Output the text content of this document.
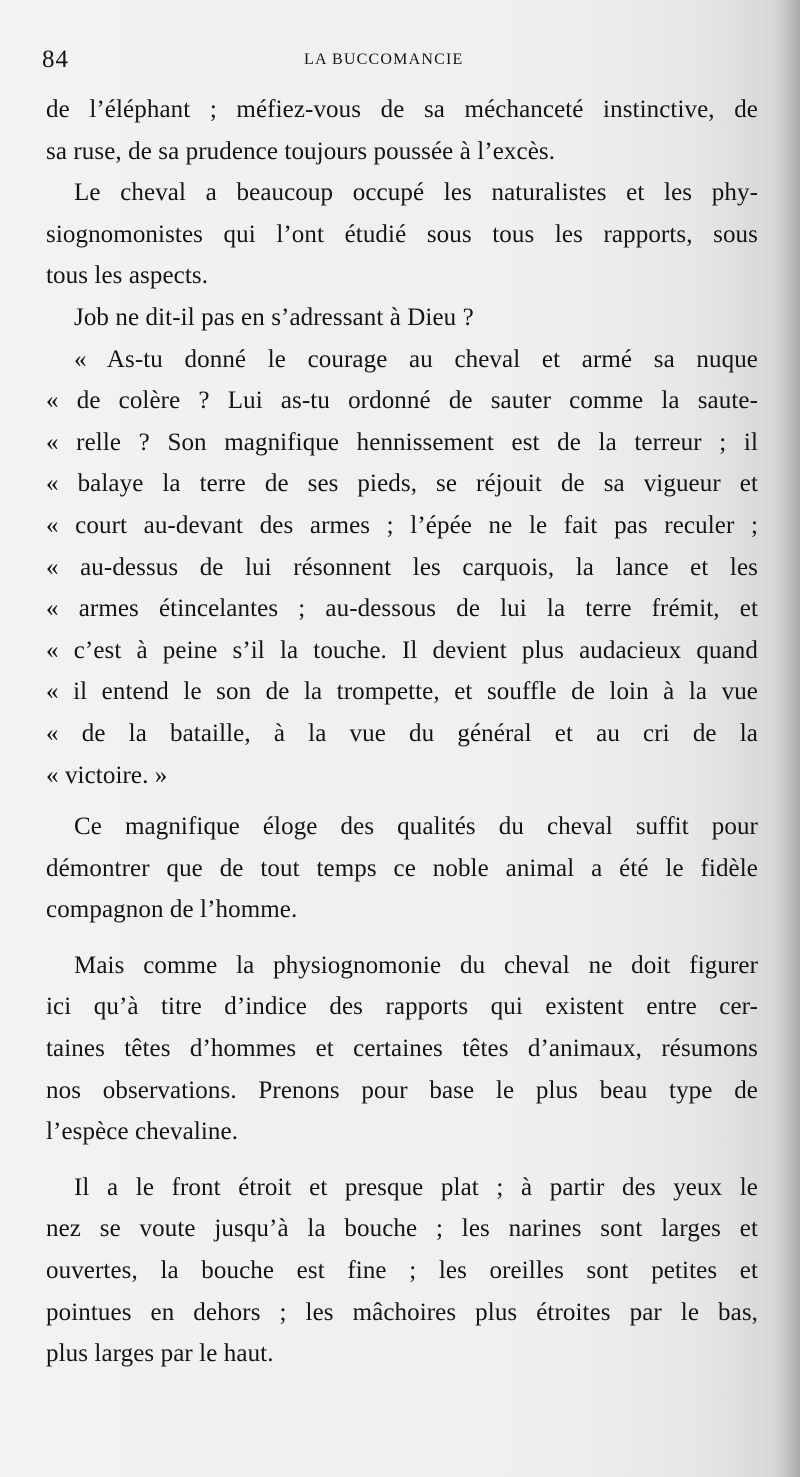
84	LA BUCCOMANCIE
de l’éléphant ; méfiez-vous de sa méchanceté instinctive, de
sa ruse, de sa prudence toujours poussée à l’excès.
Le cheval a beaucoup occupé les naturalistes et les phy-
siognomonistes qui l’ont étudié sous tous les rapports, sous
tous les aspects.
Job ne dit-il pas en s’adressant à Dieu ?
« As-tu donné le courage au cheval et armé sa nuque
« de colère ? Lui as-tu ordonné de sauter comme la saute-
« relle ? Son magnifique hennissement est de la terreur ; il
« balaye la terre de ses pieds, se réjouit de sa vigueur et
« court au-devant des armes ; l’épée ne le fait pas reculer ;
« au-dessus de lui résonnent les carquois, la lance et les
« armes étincelantes ; au-dessous de lui la terre frémit, et
« c’est à peine s’il la touche. Il devient plus audacieux quand
« il entend le son de la trompette, et souffle de loin à la vue
« de la bataille, à la vue du général et au cri de la
« victoire. »
Ce magnifique éloge des qualités du cheval suffit pour
démontrer que de tout temps ce noble animal a été le fidèle
compagnon de l’homme.
Mais comme la physiognomonie du cheval ne doit figurer
ici qu’à titre d’indice des rapports qui existent entre cer-
taines têtes d’hommes et certaines têtes d’animaux, résumons
nos observations. Prenons pour base le plus beau type de
l’espèce chevaline.
Il a le front étroit et presque plat ; à partir des yeux le
nez se voute jusqu’à la bouche ; les narines sont larges et
ouvertes, la bouche est fine ; les oreilles sont petites et
pointues en dehors ; les mâchoires plus étroites par le bas,
plus larges par le haut.
